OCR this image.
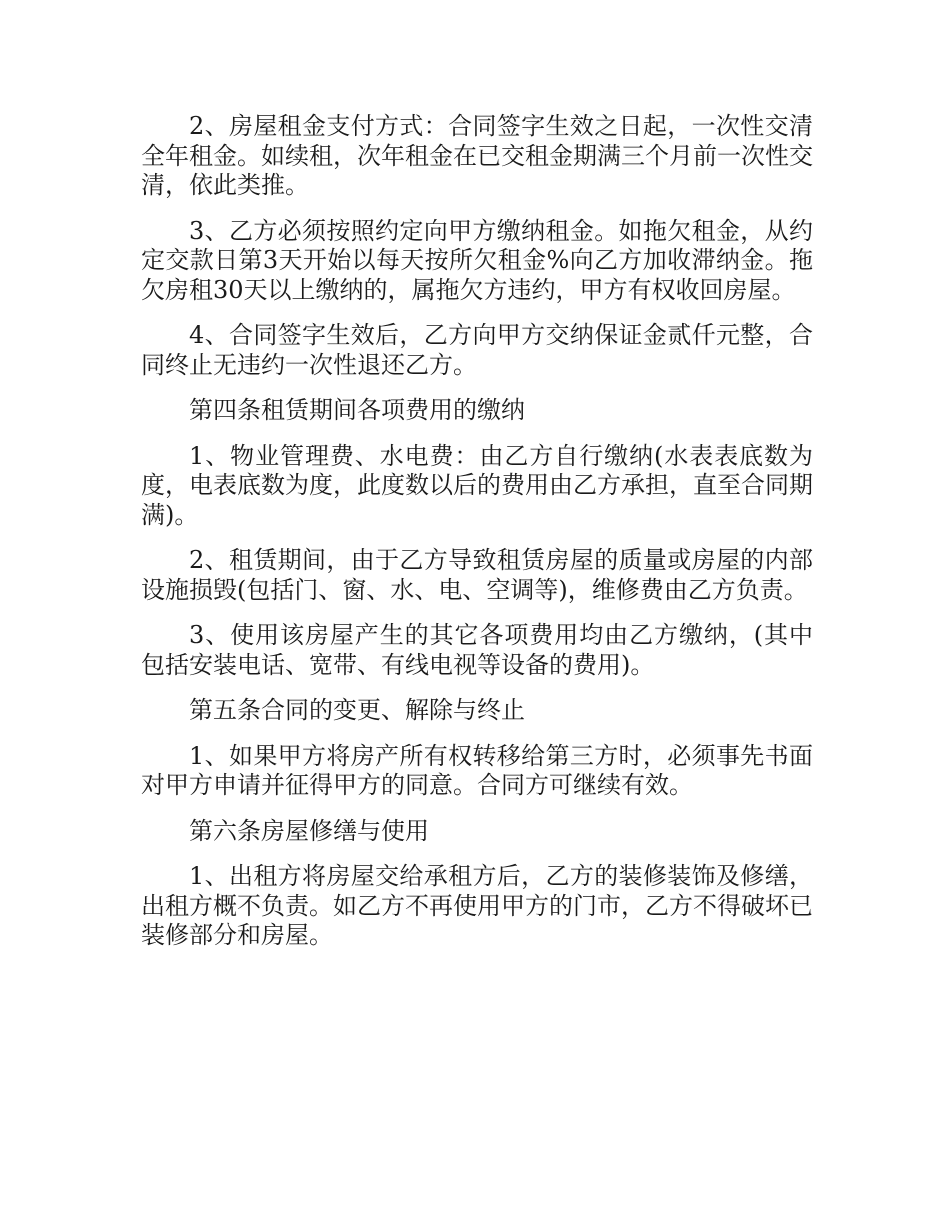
2、房屋租金支付方式：合同签字生效之日起，一次性交清全年租金。如续租，次年租金在已交租金期满三个月前一次性交清，依此类推。

3、乙方必须按照约定向甲方缴纳租金。如拖欠租金，从约定交款日第3天开始以每天按所欠租金%向乙方加收滞纳金。拖欠房租30天以上缴纳的，属拖欠方违约，甲方有权收回房屋。

4、合同签字生效后，乙方向甲方交纳保证金贰仟元整，合同终止无违约一次性退还乙方。

第四条租赁期间各项费用的缴纳

1、物业管理费、水电费：由乙方自行缴纳(水表表底数为度，电表底数为度，此度数以后的费用由乙方承担，直至合同期满)。

2、租赁期间，由于乙方导致租赁房屋的质量或房屋的内部设施损毁(包括门、窗、水、电、空调等)，维修费由乙方负责。

3、使用该房屋产生的其它各项费用均由乙方缴纳，(其中包括安装电话、宽带、有线电视等设备的费用)。

第五条合同的变更、解除与终止

1、如果甲方将房产所有权转移给第三方时，必须事先书面对甲方申请并征得甲方的同意。合同方可继续有效。

第六条房屋修缮与使用

1、出租方将房屋交给承租方后，乙方的装修装饰及修缮，出租方概不负责。如乙方不再使用甲方的门市，乙方不得破坏已装修部分和房屋。
